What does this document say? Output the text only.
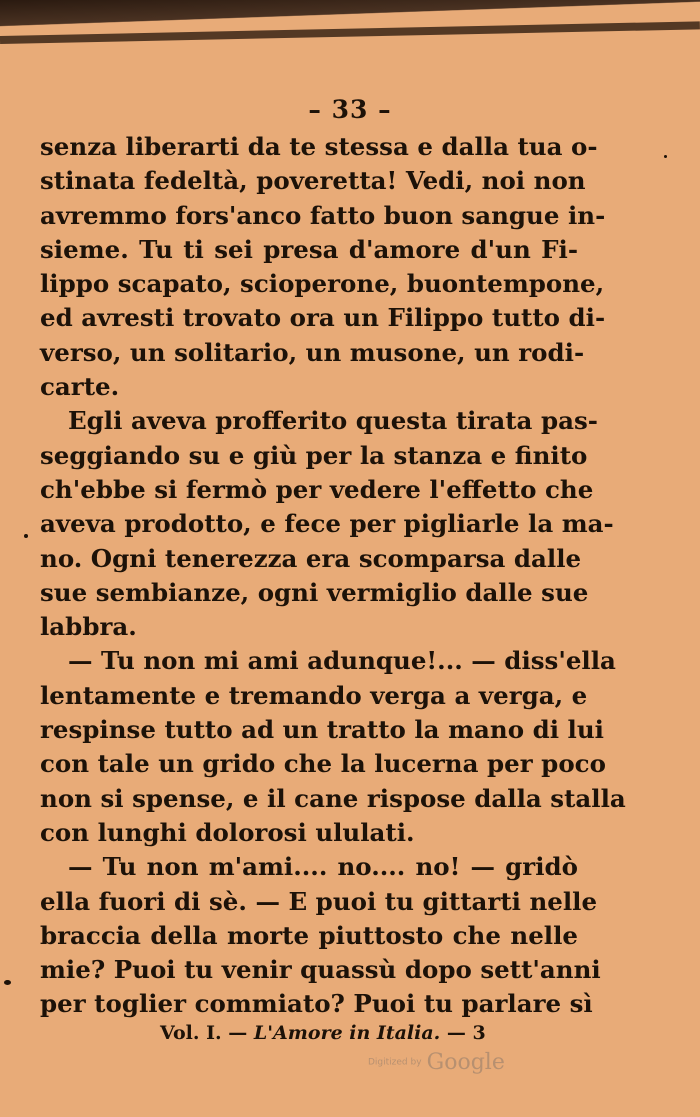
– 33 –
senza liberarti da te stessa e dalla tua o-
stinata fedeltà, poveretta! Vedi, noi non
avremmo fors'anco fatto buon sangue in-
sieme. Tu ti sei presa d'amore d'un Fi-
lippo scapato, scioperone, buontempone,
ed avresti trovato ora un Filippo tutto di-
verso, un solitario, un musone, un rodi-
carte.
Egli aveva profferito questa tirata pas-
seggiando su e giù per la stanza e finito
ch'ebbe si fermò per vedere l'effetto che
aveva prodotto, e fece per pigliarle la ma-
no. Ogni tenerezza era scomparsa dalle
sue sembianze, ogni vermiglio dalle sue
labbra.
— Tu non mi ami adunque!... — diss'ella
lentamente e tremando verga a verga, e
respinse tutto ad un tratto la mano di lui
con tale un grido che la lucerna per poco
non si spense, e il cane rispose dalla stalla
con lunghi dolorosi ululati.
— Tu non m'ami.... no.... no! — gridò
ella fuori di sè. — E puoi tu gittarti nelle
braccia della morte piuttosto che nelle
mie? Puoi tu venir quassù dopo sett'anni
per toglier commiato? Puoi tu parlare sì
Vol. I. — L'Amore in Italia. — 3
Digitized by Google
